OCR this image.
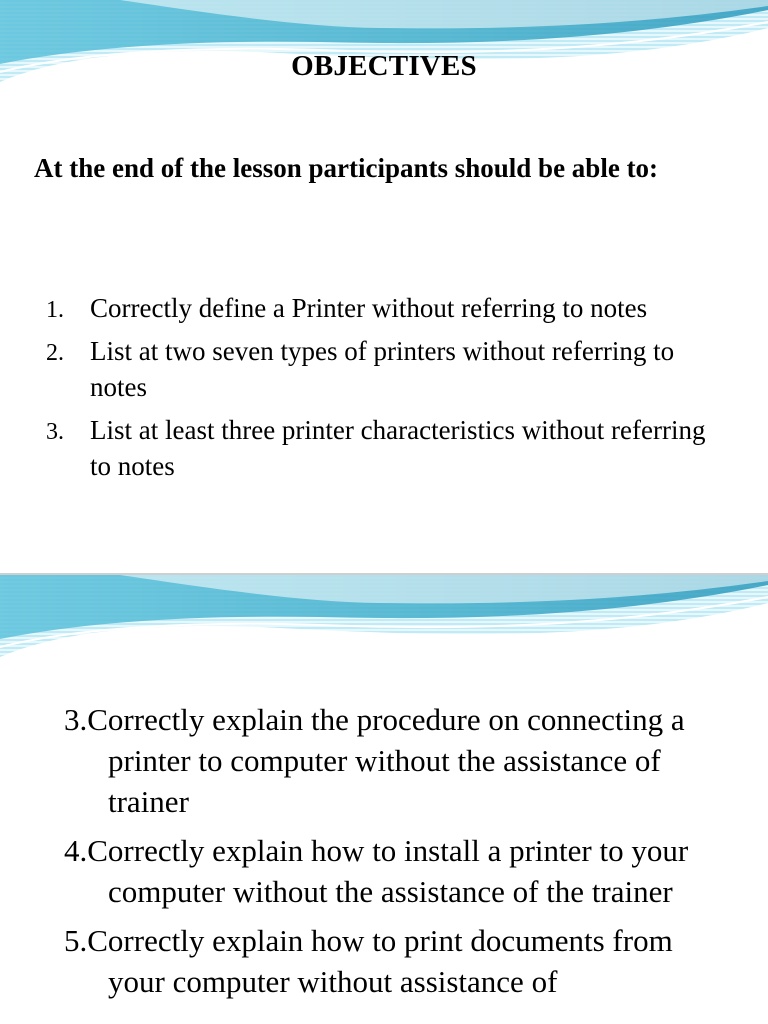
OBJECTIVES
At the end of the lesson participants should be able to:
1. Correctly define a Printer without referring to notes
2. List at two seven types of printers without referring to notes
3. List at least three printer characteristics without referring to notes
3.Correctly explain the procedure on connecting a printer to computer without the assistance of trainer
4.Correctly explain how to install a printer to your computer without the assistance of the trainer
5.Correctly explain how to print documents from your computer without assistance of
